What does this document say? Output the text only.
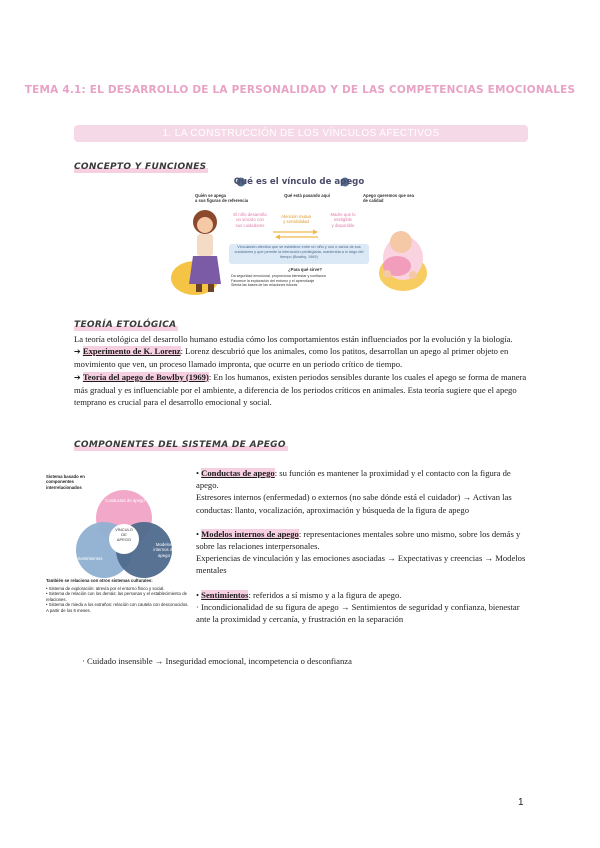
TEMA 4.1: EL DESARROLLO DE LA PERSONALIDAD Y DE LAS COMPETENCIAS EMOCIONALES
1. LA CONSTRUCCIÓN DE LOS VÍNCULOS AFECTIVOS
CONCEPTO Y FUNCIONES
Qué es el vínculo de apego
Quién se apega
a sus figuras de referencia
Qué está pasando aquí	Apego queremos que sea
de calidad
El niño desarrolla
un vínculo con
sus cuidadores
Atención mutua
y sensibilidad
Madre que lo
inteligible
y disponible
Vinculación afectiva que se establece entre un niño y uno o varios de sus cuidadores y que permite la interacción privilegiada, mantenida a lo largo del tiempo (Bowlby, 1969)
¿Para qué sirve?
Da seguridad emocional, proporciona bienestar y confianza
Favorece la exploración del entorno y el aprendizaje
Sienta las bases de las relaciones futuras
TEORÍA ETOLÓGICA

La teoría etológica del desarrollo humano estudia cómo los comportamientos están influenciados por la evolución y la biología.

➔ Experimento de K. Lorenz: Lorenz descubrió que los animales, como los patitos, desarrollan un apego al primer objeto en movimiento que ven, un proceso llamado impronta, que ocurre en un periodo crítico de tiempo.

➔ Teoría del apego de Bowlby (1969): En los humanos, existen periodos sensibles durante los cuales el apego se forma de manera más gradual y es influenciable por el ambiente, a diferencia de los periodos críticos en animales. Esta teoría sugiere que el apego temprano es crucial para el desarrollo emocional y social.

COMPONENTES DEL SISTEMA DE APEGO
Sistema basado en
componentes
interrelacionados
Conductas de apego
Sentimientos
Modelos
internos de
apego
VÍNCULO
DE
APEGO
También se relaciona con otros sistemas culturales:
• Sistema de exploración: atrevía por el entorno físico y social.
• Sistema de relación con los demás: las personas y el establecimiento de relaciones.
• Sistema de miedo a los extraños: relación con cautela con desconocidos. A partir de los 6 meses.

• Conductas de apego: su función es mantener la proximidad y el contacto con la figura de apego.

Estresores internos (enfermedad) o externos (no sabe dónde está el cuidador) → Activan las conductas: llanto, vocalización, aproximación y búsqueda de la figura de apego

• Modelos internos de apego: representaciones mentales sobre uno mismo, sobre los demás y sobre las relaciones interpersonales.

Experiencias de vinculación y las emociones asociadas → Expectativas y creencias → Modelos mentales

• Sentimientos: referidos a sí mismo y a la figura de apego.

· Incondicionalidad de su figura de apego → Sentimientos de seguridad y confianza, bienestar ante la proximidad y cercanía, y frustración en la separación

· Cuidado insensible → Inseguridad emocional, incompetencia o desconfianza
1
